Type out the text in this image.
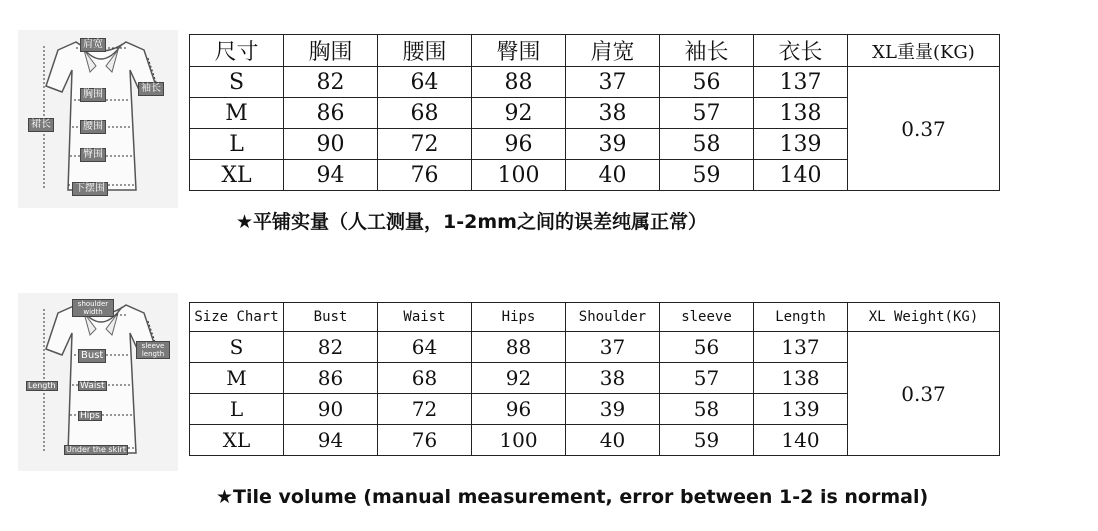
肩宽
袖长
胸围
裙长	腰围
臀围
下摆围
尺寸	胸围	腰围	臀围	肩宽	袖长	衣长	XL重量(KG)
S	82	64	88	37	56	137	0.37
M	86	68	92	38	57	138	
L	90	72	96	39	58	139	
XL	94	76	100	40	59	140	
★平铺实量（人工测量，1-2mm之间的误差纯属正常）
shoulder width
sleeve length
Bust
Length	Waist
Hips
Under the skirt
Size Chart	Bust	Waist	Hips	Shoulder	sleeve	Length	XL Weight(KG)
S	82	64	88	37	56	137	0.37
M	86	68	92	38	57	138	
L	90	72	96	39	58	139	
XL	94	76	100	40	59	140	
★Tile volume (manual measurement, error between 1-2 is normal)
